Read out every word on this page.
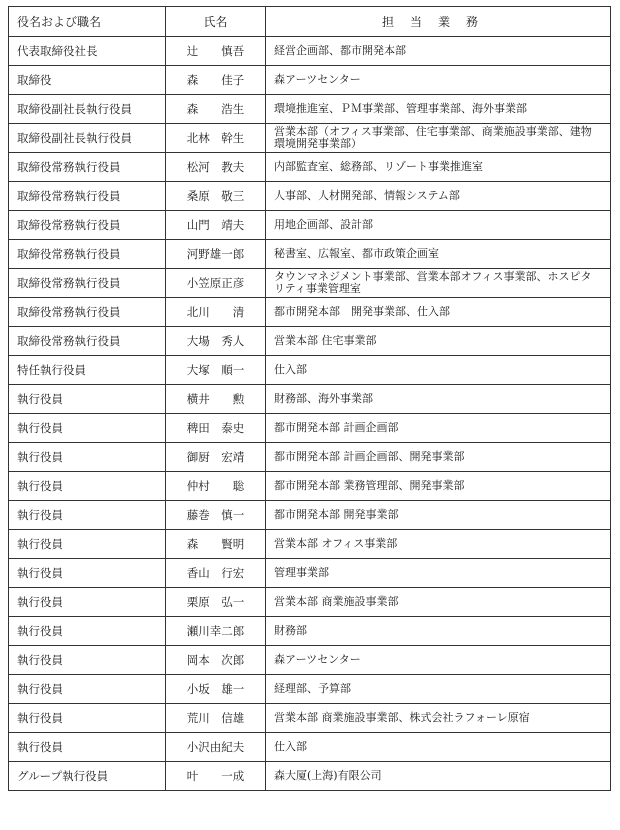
役名および職名	氏名	担当業務
代表取締役社長	辻　　慎吾	経営企画部、都市開発本部
取締役	森　　佳子	森アーツセンター
取締役副社長執行役員	森　　浩生	環境推進室、ＰＭ事業部、管理事業部、海外事業部
取締役副社長執行役員	北林　幹生	営業本部（オフィス事業部、住宅事業部、商業施設事業部、建物環境開発事業部）
取締役常務執行役員	松河　教夫	内部監査室、総務部、リゾート事業推進室
取締役常務執行役員	桑原　敬三	人事部、人材開発部、情報システム部
取締役常務執行役員	山門　靖夫	用地企画部、設計部
取締役常務執行役員	河野雄一郎	秘書室、広報室、都市政策企画室
取締役常務執行役員	小笠原正彦	タウンマネジメント事業部、営業本部オフィス事業部、ホスピタリティ事業管理室
取締役常務執行役員	北川　　清	都市開発本部　開発事業部、仕入部
取締役常務執行役員	大場　秀人	営業本部 住宅事業部
特任執行役員	大塚　順一	仕入部
執行役員	横井　　勲	財務部、海外事業部
執行役員	稗田　泰史	都市開発本部 計画企画部
執行役員	御厨　宏靖	都市開発本部 計画企画部、開発事業部
執行役員	仲村　　聡	都市開発本部 業務管理部、開発事業部
執行役員	藤巻　慎一	都市開発本部 開発事業部
執行役員	森　　賢明	営業本部 オフィス事業部
執行役員	香山　行宏	管理事業部
執行役員	栗原　弘一	営業本部 商業施設事業部
執行役員	瀬川幸二郎	財務部
執行役員	岡本　次郎	森アーツセンター
執行役員	小坂　雄一	経理部、予算部
執行役員	荒川　信雄	営業本部 商業施設事業部、株式会社ラフォーレ原宿
執行役員	小沢由紀夫	仕入部
グループ執行役員	叶　　一成	森大厦(上海)有限公司
